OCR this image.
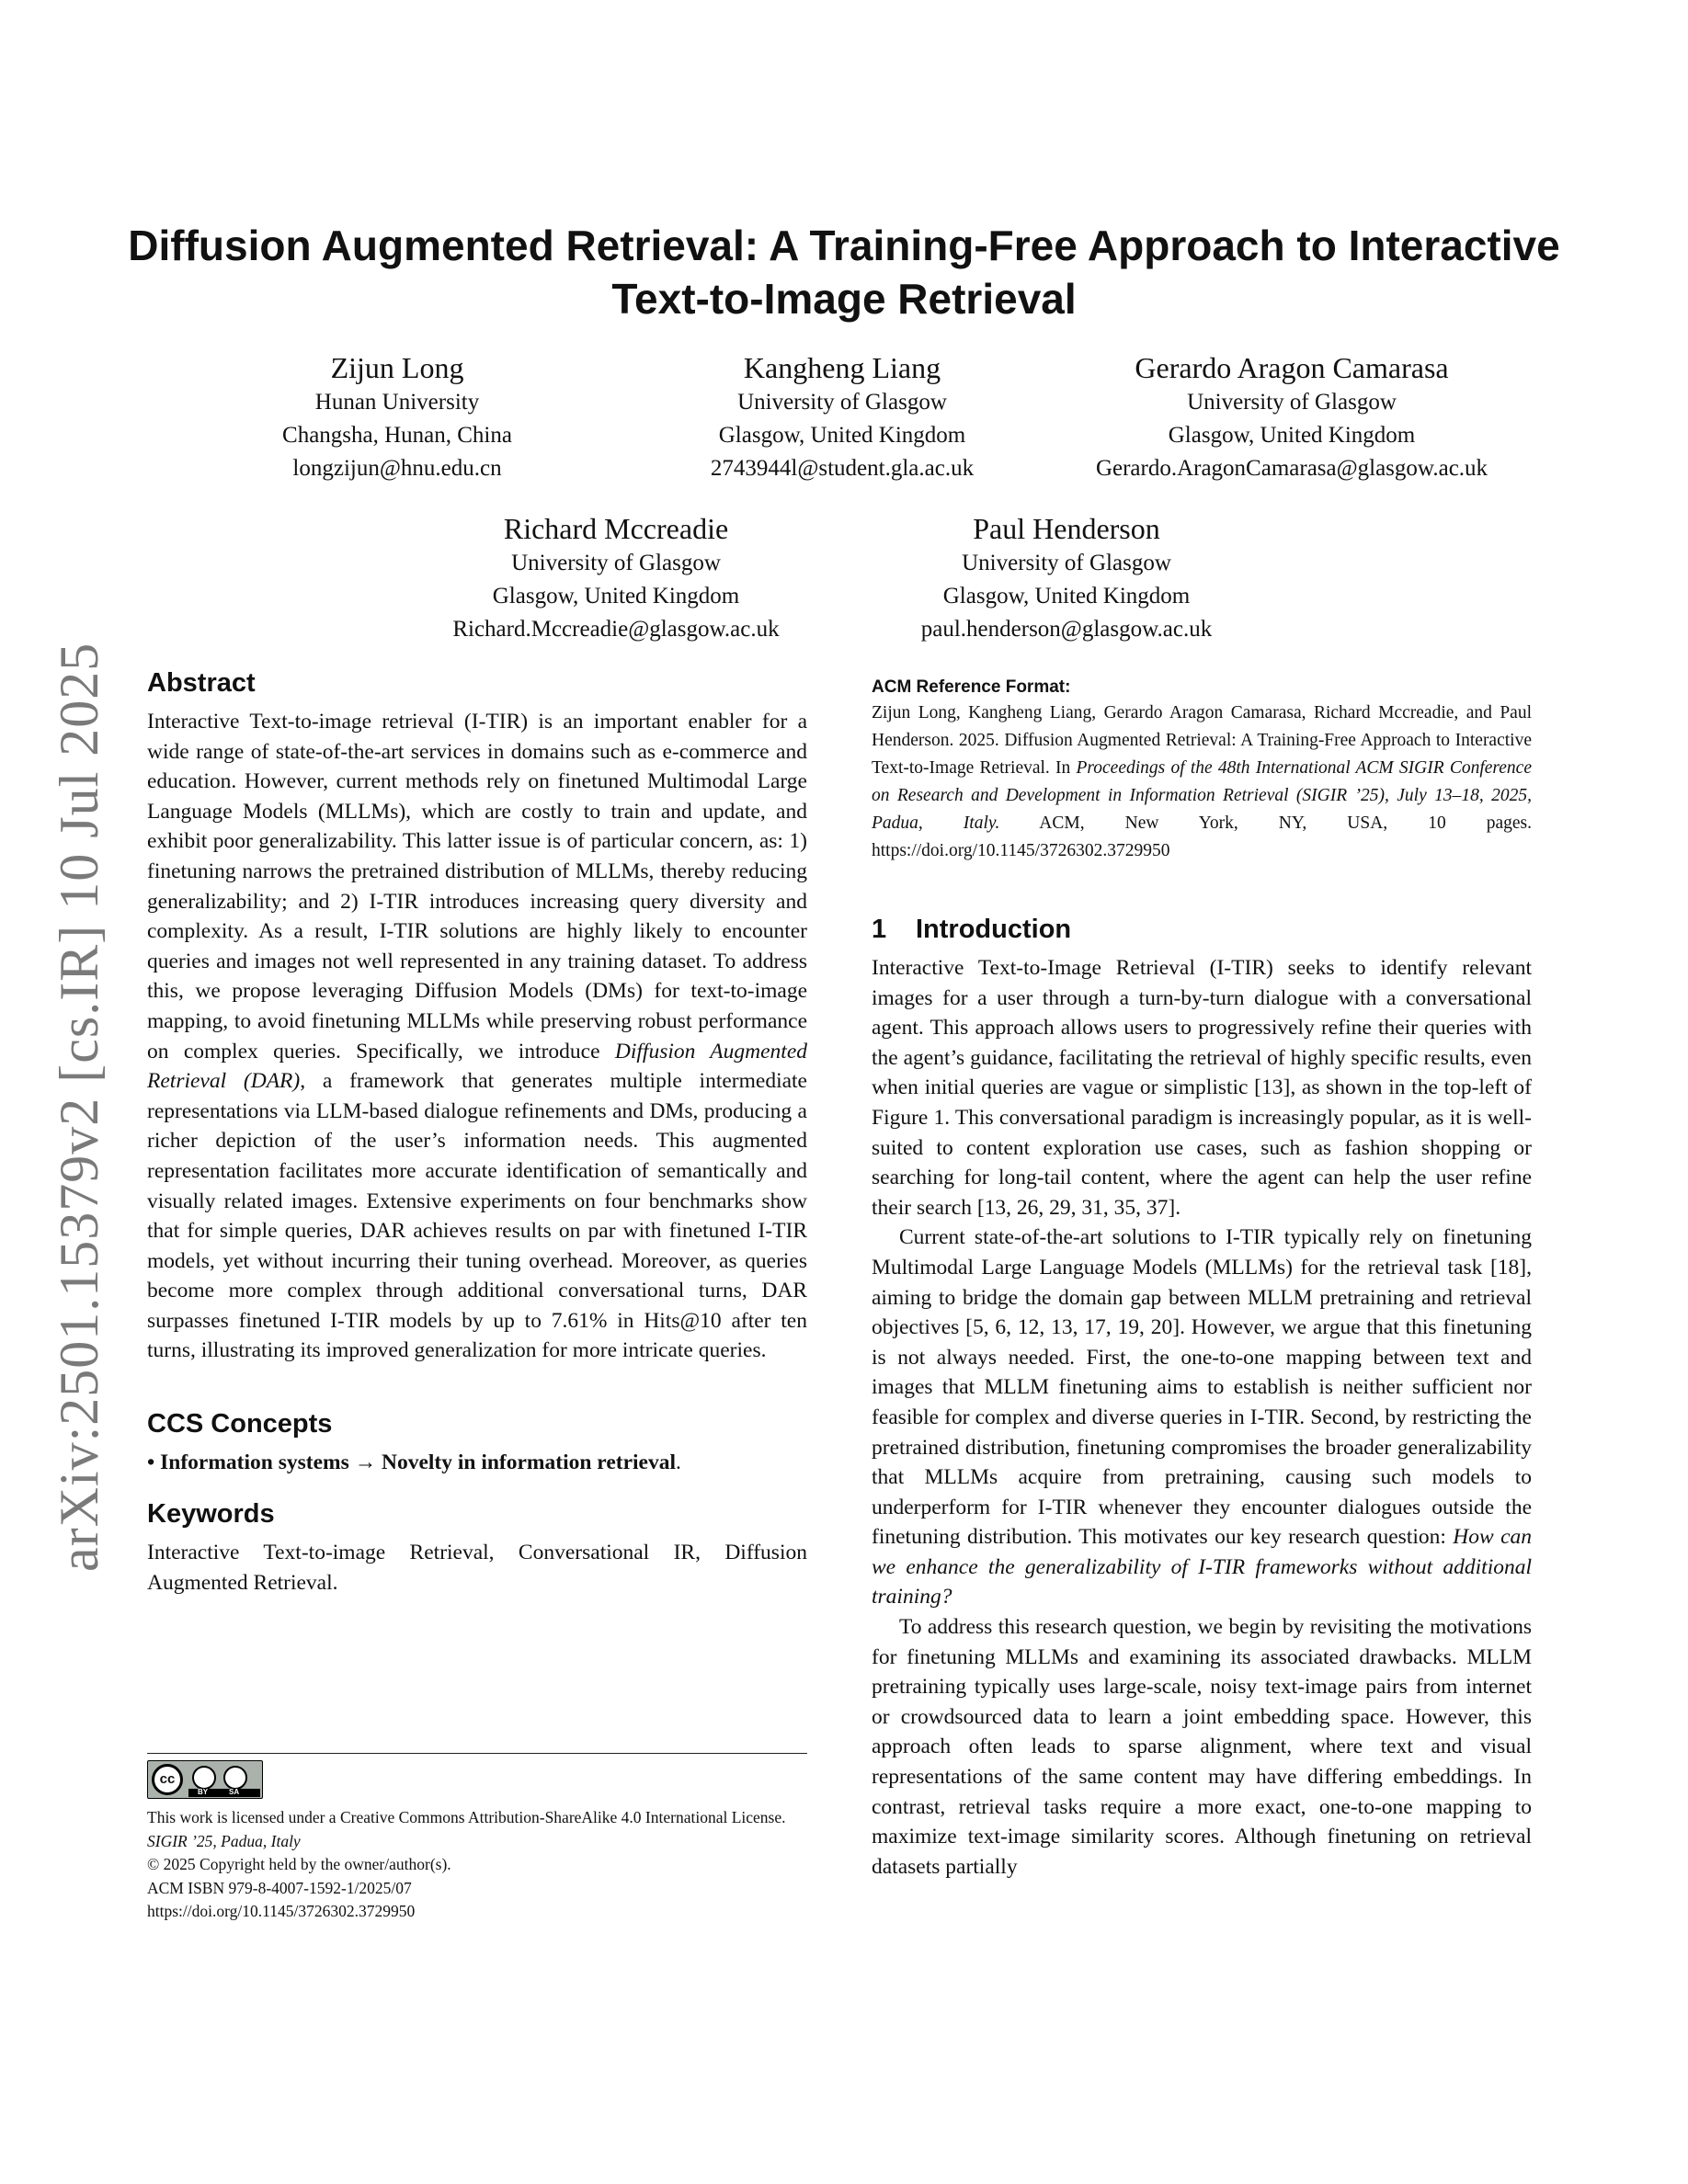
arXiv:2501.15379v2 [cs.IR] 10 Jul 2025
Diffusion Augmented Retrieval: A Training-Free Approach to Interactive Text-to-Image Retrieval
Zijun Long
Hunan University
Changsha, Hunan, China
longzijun@hnu.edu.cn
Kangheng Liang
University of Glasgow
Glasgow, United Kingdom
2743944l@student.gla.ac.uk
Gerardo Aragon Camarasa
University of Glasgow
Glasgow, United Kingdom
Gerardo.AragonCamarasa@glasgow.ac.uk
Richard Mccreadie
University of Glasgow
Glasgow, United Kingdom
Richard.Mccreadie@glasgow.ac.uk
Paul Henderson
University of Glasgow
Glasgow, United Kingdom
paul.henderson@glasgow.ac.uk
Abstract

Interactive Text-to-image retrieval (I-TIR) is an important enabler for a wide range of state-of-the-art services in domains such as e-commerce and education. However, current methods rely on finetuned Multimodal Large Language Models (MLLMs), which are costly to train and update, and exhibit poor generalizability. This latter issue is of particular concern, as: 1) finetuning narrows the pretrained distribution of MLLMs, thereby reducing generalizability; and 2) I-TIR introduces increasing query diversity and complexity. As a result, I-TIR solutions are highly likely to encounter queries and images not well represented in any training dataset. To address this, we propose leveraging Diffusion Models (DMs) for text-to-image mapping, to avoid finetuning MLLMs while preserving robust performance on complex queries. Specifically, we introduce Diffusion Augmented Retrieval (DAR), a framework that generates multiple intermediate representations via LLM-based dialogue refinements and DMs, producing a richer depiction of the user’s information needs. This augmented representation facilitates more accurate identification of semantically and visually related images. Extensive experiments on four benchmarks show that for simple queries, DAR achieves results on par with finetuned I-TIR models, yet without incurring their tuning overhead. Moreover, as queries become more complex through additional conversational turns, DAR surpasses finetuned I-TIR models by up to 7.61% in Hits@10 after ten turns, illustrating its improved generalization for more intricate queries.

CCS Concepts

• Information systems → Novelty in information retrieval.

Keywords

Interactive Text-to-image Retrieval, Conversational IR, Diffusion Augmented Retrieval.

cc
BY	SA

This work is licensed under a Creative Commons Attribution-ShareAlike 4.0 International License.

SIGIR ’25, Padua, Italy

© 2025 Copyright held by the owner/author(s).

ACM ISBN 979-8-4007-1592-1/2025/07

https://doi.org/10.1145/3726302.3729950

ACM Reference Format:

Zijun Long, Kangheng Liang, Gerardo Aragon Camarasa, Richard Mccreadie, and Paul Henderson. 2025. Diffusion Augmented Retrieval: A Training-Free Approach to Interactive Text-to-Image Retrieval. In Proceedings of the 48th International ACM SIGIR Conference on Research and Development in Information Retrieval (SIGIR ’25), July 13–18, 2025, Padua, Italy. ACM, New York, NY, USA, 10 pages. https://doi.org/10.1145/3726302.3729950

1 Introduction

Interactive Text-to-Image Retrieval (I-TIR) seeks to identify relevant images for a user through a turn-by-turn dialogue with a conversational agent. This approach allows users to progressively refine their queries with the agent’s guidance, facilitating the retrieval of highly specific results, even when initial queries are vague or simplistic [13], as shown in the top-left of Figure 1. This conversational paradigm is increasingly popular, as it is well-suited to content exploration use cases, such as fashion shopping or searching for long-tail content, where the agent can help the user refine their search [13, 26, 29, 31, 35, 37].

Current state-of-the-art solutions to I-TIR typically rely on finetuning Multimodal Large Language Models (MLLMs) for the retrieval task [18], aiming to bridge the domain gap between MLLM pretraining and retrieval objectives [5, 6, 12, 13, 17, 19, 20]. However, we argue that this finetuning is not always needed. First, the one-to-one mapping between text and images that MLLM finetuning aims to establish is neither sufficient nor feasible for complex and diverse queries in I-TIR. Second, by restricting the pretrained distribution, finetuning compromises the broader generalizability that MLLMs acquire from pretraining, causing such models to underperform for I-TIR whenever they encounter dialogues outside the finetuning distribution. This motivates our key research question: How can we enhance the generalizability of I-TIR frameworks without additional training?

To address this research question, we begin by revisiting the motivations for finetuning MLLMs and examining its associated drawbacks. MLLM pretraining typically uses large-scale, noisy text-image pairs from internet or crowdsourced data to learn a joint embedding space. However, this approach often leads to sparse alignment, where text and visual representations of the same content may have differing embeddings. In contrast, retrieval tasks require a more exact, one-to-one mapping to maximize text-image similarity scores. Although finetuning on retrieval datasets partially
